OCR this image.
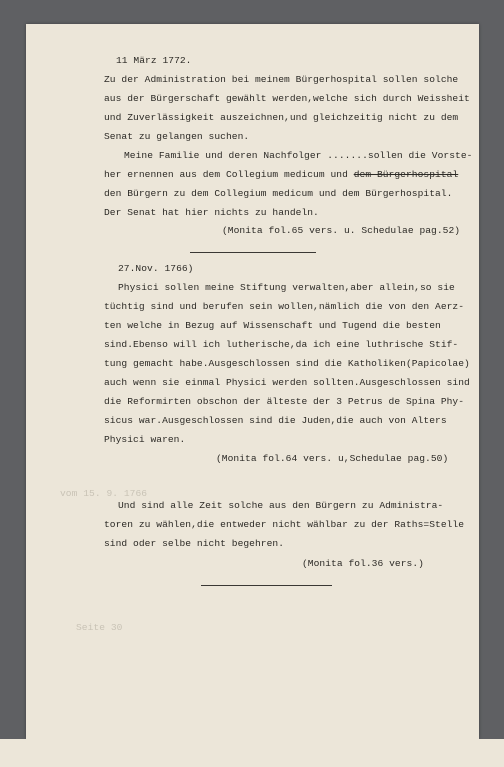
11 März 1772.
Zu der Administration bei meinem Bürgerhospital sollen solche
aus der Bürgerschaft gewählt werden,welche sich durch Weissheit
und Zuverlässigkeit auszeichnen,und gleichzeitig nicht zu dem
Senat zu gelangen suchen.
Meine Familie und deren Nachfolger .......sollen die Vorste-
her ernennen aus dem Collegium medicum und dem Bürgerhospital
den Bürgern zu dem Collegium medicum und dem Bürgerhospital.
Der Senat hat hier nichts zu handeln.
(Monita fol.65 vers. u. Schedulae pag.52)
27.Nov. 1766)
Physici sollen meine Stiftung verwalten,aber allein,so sie
tüchtig sind und berufen sein wollen,nämlich die von den Aerz-
ten welche in Bezug auf Wissenschaft und Tugend die besten
sind.Ebenso will ich lutherische,da ich eine luthrische Stif-
tung gemacht habe.Ausgeschlossen sind die Katholiken(Papicolae)
auch wenn sie einmal Physici werden sollten.Ausgeschlossen sind
die Reformirten obschon der älteste der 3 Petrus de Spina Phy-
sicus war.Ausgeschlossen sind die Juden,die auch von Alters
Physici waren.
(Monita fol.64 vers. u,Schedulae pag.50)
vom 15. 9. 1766
Seite 30
Und sind alle Zeit solche aus den Bürgern zu Administra-
toren zu wählen,die entweder nicht wählbar zu der Raths=Stelle
sind oder selbe nicht begehren.
(Monita fol.36 vers.)
